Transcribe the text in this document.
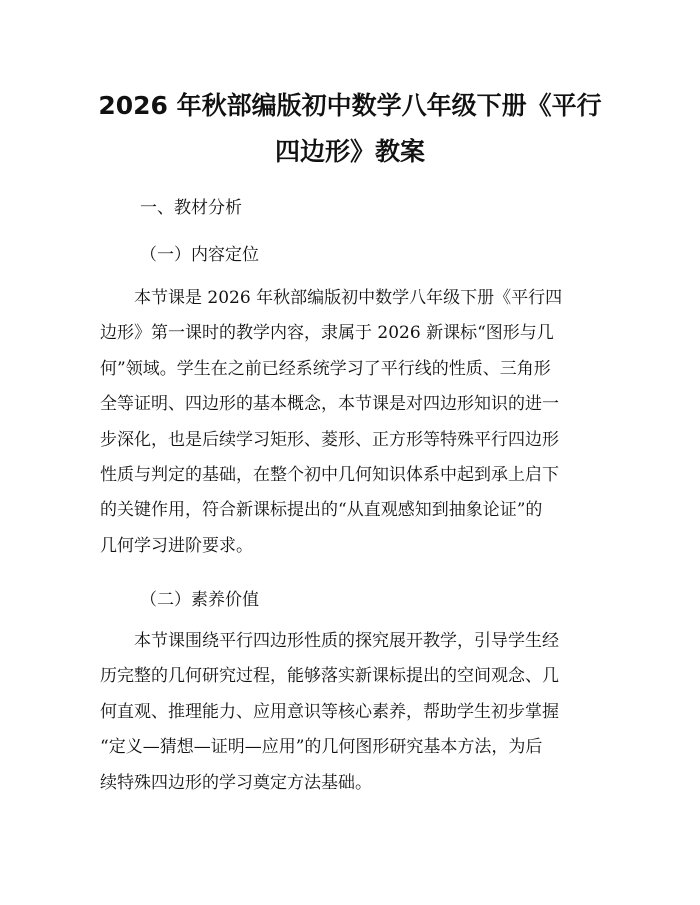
2026 年秋部编版初中数学八年级下册《平行
四边形》教案
一、教材分析
（一）内容定位
　　本节课是 2026 年秋部编版初中数学八年级下册《平行四
边形》第一课时的教学内容，隶属于 2026 新课标“图形与几
何”领域。学生在之前已经系统学习了平行线的性质、三角形
全等证明、四边形的基本概念，本节课是对四边形知识的进一
步深化，也是后续学习矩形、菱形、正方形等特殊平行四边形
性质与判定的基础，在整个初中几何知识体系中起到承上启下
的关键作用，符合新课标提出的“从直观感知到抽象论证”的
几何学习进阶要求。
（二）素养价值
　　本节课围绕平行四边形性质的探究展开教学，引导学生经
历完整的几何研究过程，能够落实新课标提出的空间观念、几
何直观、推理能力、应用意识等核心素养，帮助学生初步掌握
“定义—猜想—证明—应用”的几何图形研究基本方法，为后
续特殊四边形的学习奠定方法基础。
